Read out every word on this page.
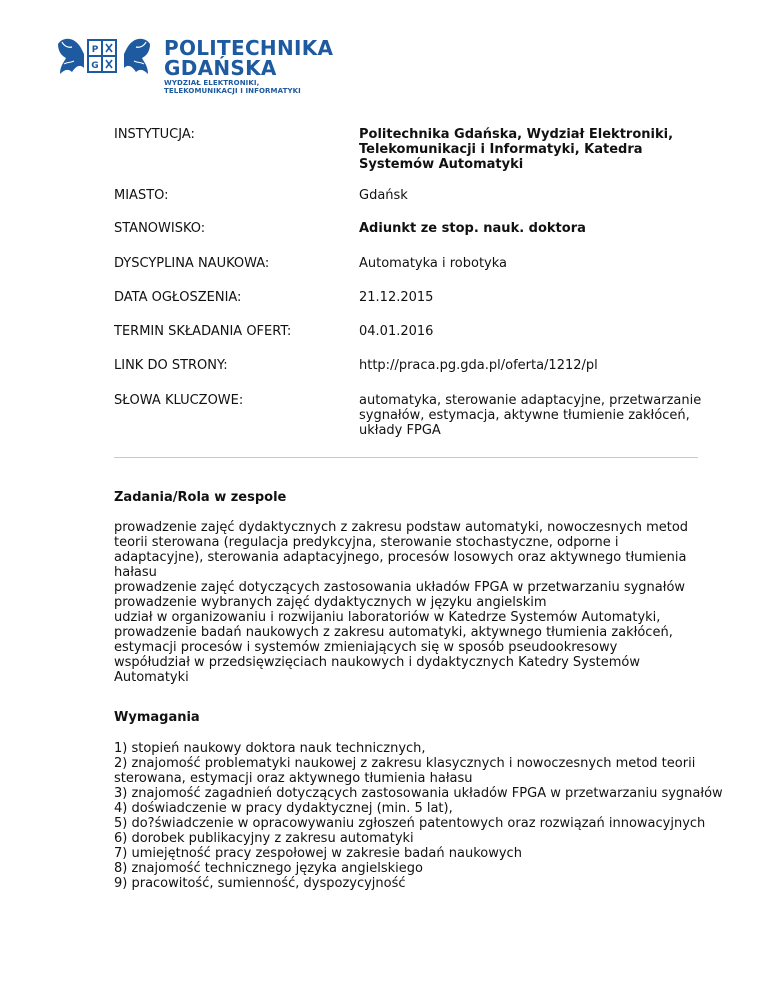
P
G
POLITECHNIKA
GDAŃSKA
WYDZIAŁ ELEKTRONIKI,
TELEKOMUNIKACJI I INFORMATYKI
INSTYTUCJA:	Politechnika Gdańska, Wydział Elektroniki,
Telekomunikacji i Informatyki, Katedra
Systemów Automatyki
MIASTO:	Gdańsk
STANOWISKO:	Adiunkt ze stop. nauk. doktora
DYSCYPLINA NAUKOWA:	Automatyka i robotyka
DATA OGŁOSZENIA:	21.12.2015
TERMIN SKŁADANIA OFERT:	04.01.2016
LINK DO STRONY:	http://praca.pg.gda.pl/oferta/1212/pl
SŁOWA KLUCZOWE:	automatyka, sterowanie adaptacyjne, przetwarzanie
sygnałów, estymacja, aktywne tłumienie zakłóceń,
układy FPGA
Zadania/Rola w zespole
prowadzenie zajęć dydaktycznych z zakresu podstaw automatyki, nowoczesnych metod
teorii sterowana (regulacja predykcyjna, sterowanie stochastyczne, odporne i
adaptacyjne), sterowania adaptacyjnego, procesów losowych oraz aktywnego tłumienia
hałasu
prowadzenie zajęć dotyczących zastosowania układów FPGA w przetwarzaniu sygnałów
prowadzenie wybranych zajęć dydaktycznych w języku angielskim
udział w organizowaniu i rozwijaniu laboratoriów w Katedrze Systemów Automatyki,
prowadzenie badań naukowych z zakresu automatyki, aktywnego tłumienia zakłóceń,
estymacji procesów i systemów zmieniających się w sposób pseudookresowy
współudział w przedsięwzięciach naukowych i dydaktycznych Katedry Systemów
Automatyki
Wymagania
1) stopień naukowy doktora nauk technicznych,
2) znajomość problematyki naukowej z zakresu klasycznych i nowoczesnych metod teorii
sterowana, estymacji oraz aktywnego tłumienia hałasu
3) znajomość zagadnień dotyczących zastosowania układów FPGA w przetwarzaniu sygnałów
4) doświadczenie w pracy dydaktycznej (min. 5 lat),
5) do?świadczenie w opracowywaniu zgłoszeń patentowych oraz rozwiązań innowacyjnych
6) dorobek publikacyjny z zakresu automatyki
7) umiejętność pracy zespołowej w zakresie badań naukowych
8) znajomość technicznego języka angielskiego
9) pracowitość, sumienność, dyspozycyjność
